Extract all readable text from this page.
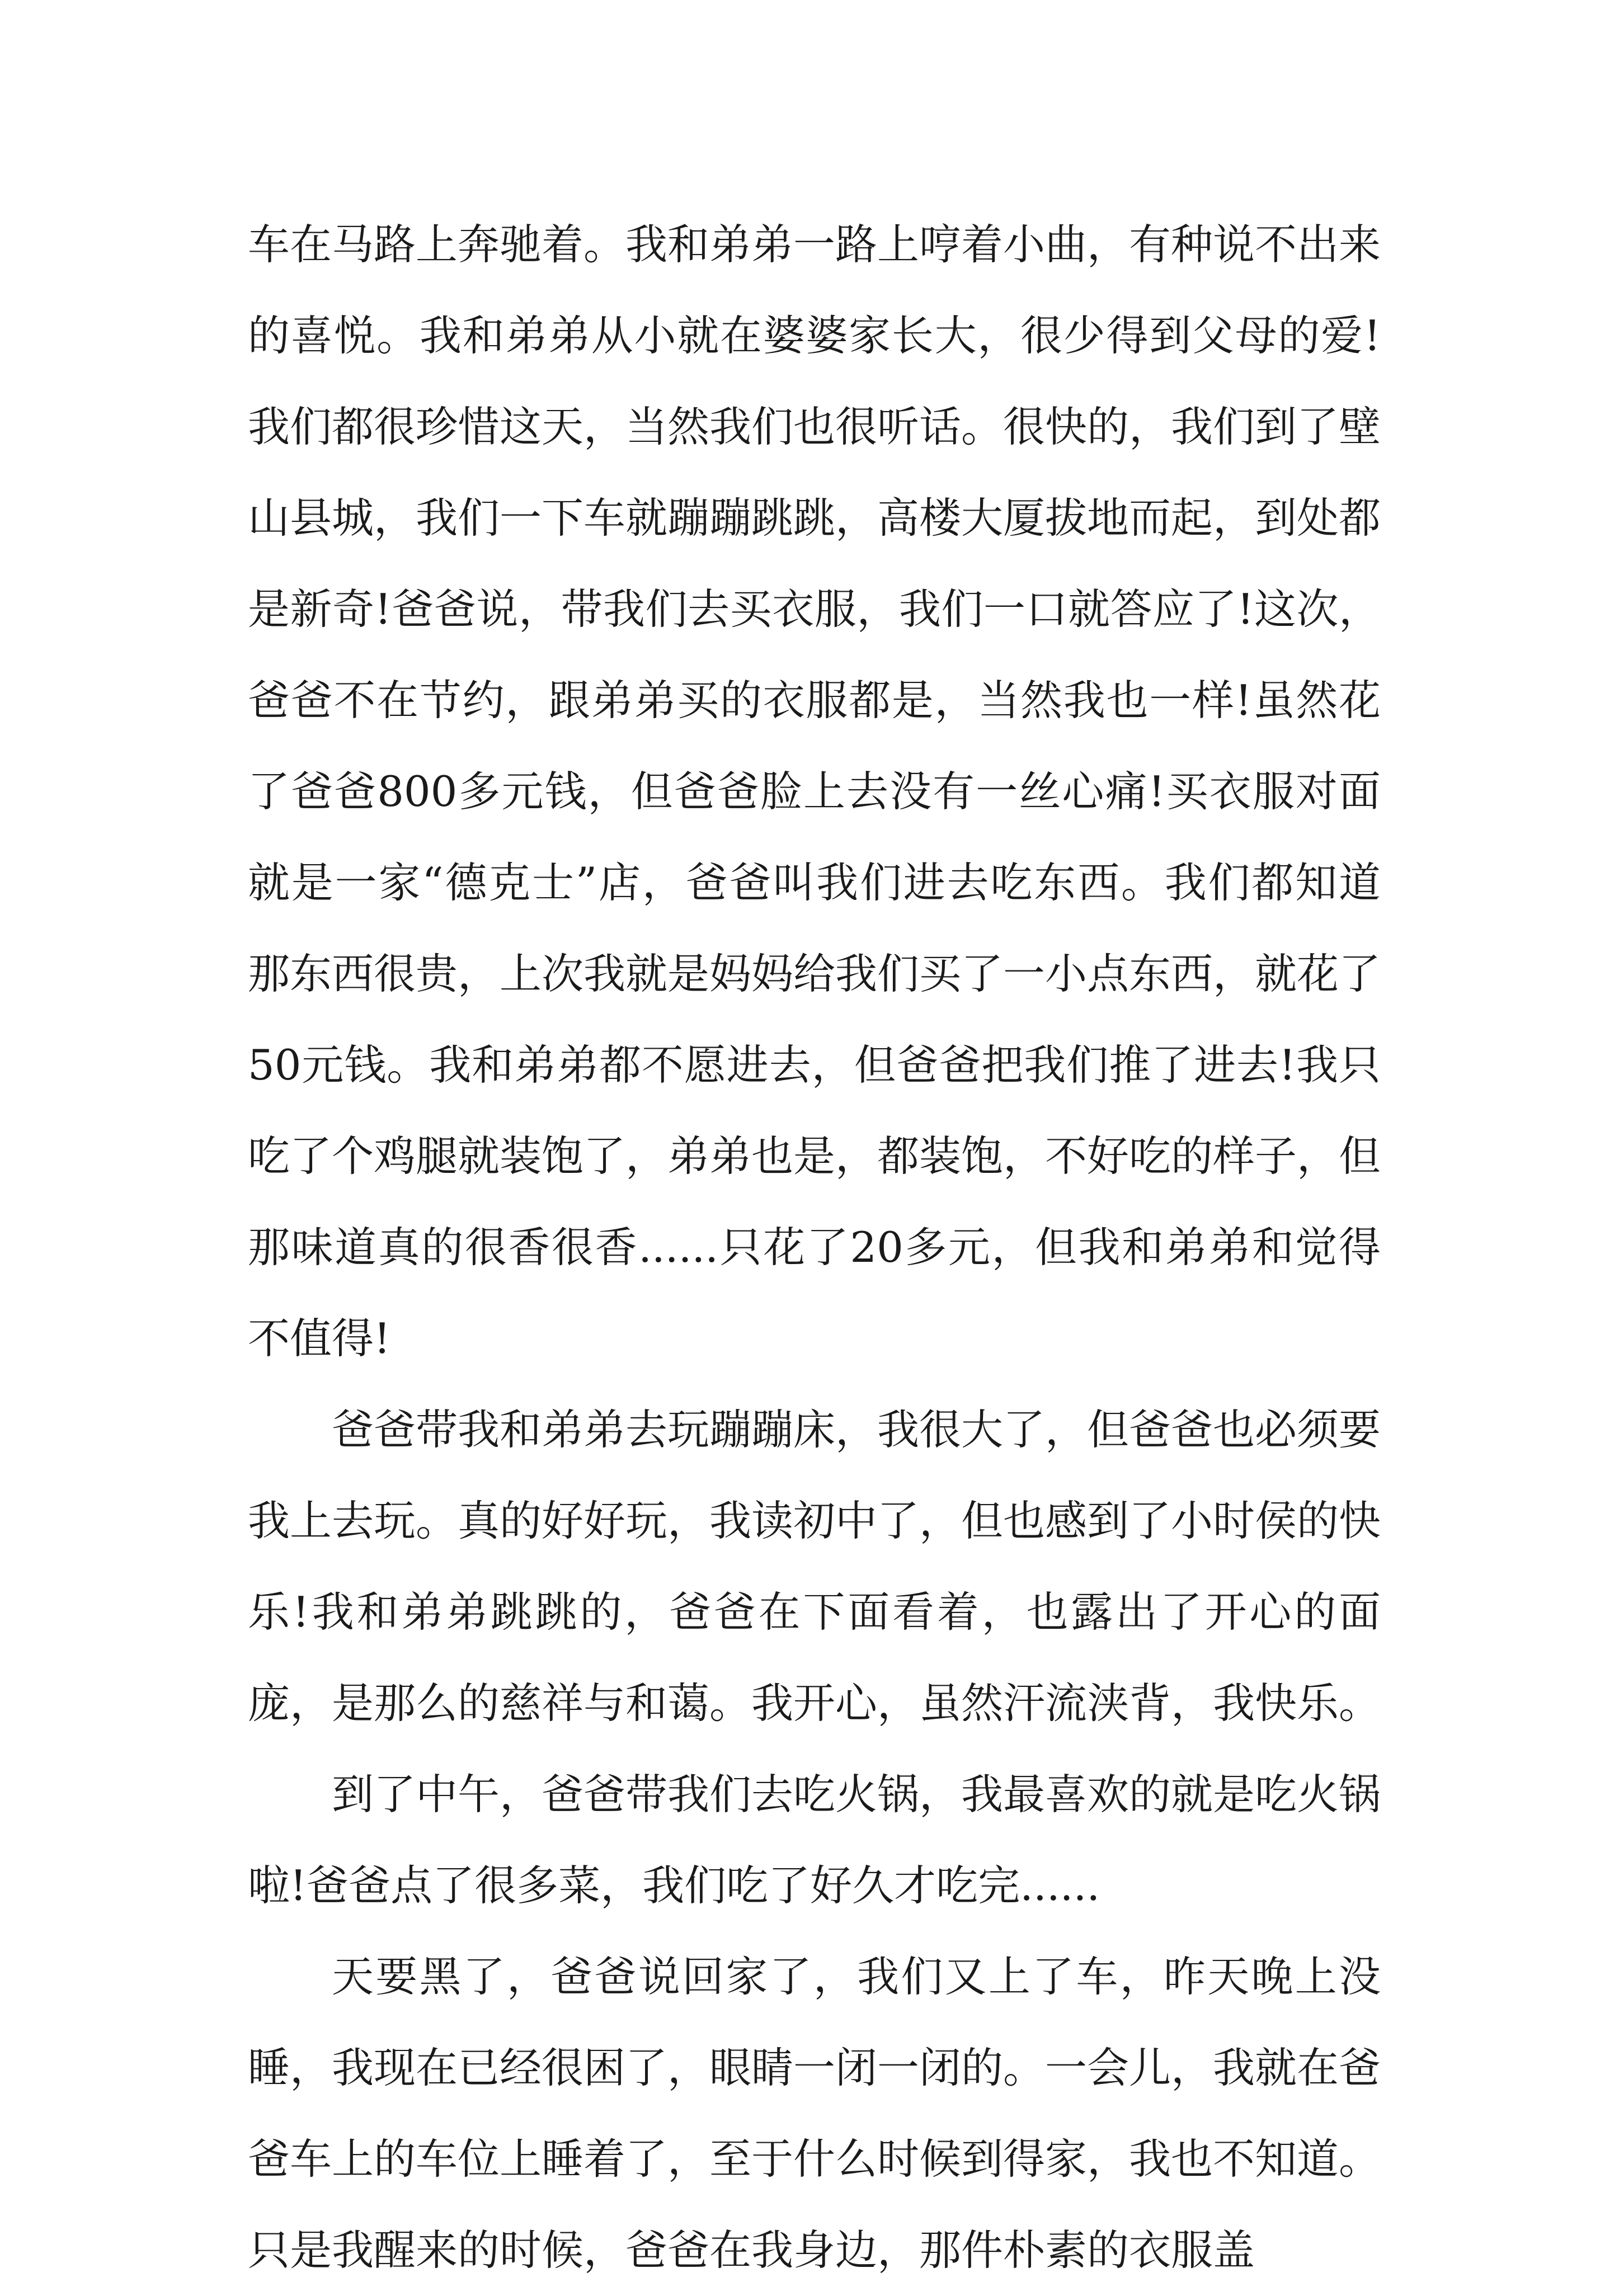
车在马路上奔驰着。我和弟弟一路上哼着小曲，有种说不出来的喜悦。我和弟弟从小就在婆婆家长大，很少得到父母的爱!我们都很珍惜这天，当然我们也很听话。很快的，我们到了壁山县城，我们一下车就蹦蹦跳跳，高楼大厦拔地而起，到处都是新奇!爸爸说，带我们去买衣服，我们一口就答应了!这次，爸爸不在节约，跟弟弟买的衣服都是，当然我也一样!虽然花了爸爸800多元钱，但爸爸脸上去没有一丝心痛!买衣服对面就是一家“德克士”店，爸爸叫我们进去吃东西。我们都知道那东西很贵，上次我就是妈妈给我们买了一小点东西，就花了50元钱。我和弟弟都不愿进去，但爸爸把我们推了进去!我只吃了个鸡腿就装饱了，弟弟也是，都装饱，不好吃的样子，但那味道真的很香很香......只花了20多元，但我和弟弟和觉得不值得!

爸爸带我和弟弟去玩蹦蹦床，我很大了，但爸爸也必须要我上去玩。真的好好玩，我读初中了，但也感到了小时侯的快乐!我和弟弟跳跳的，爸爸在下面看着，也露出了开心的面庞，是那么的慈祥与和蔼。我开心，虽然汗流浃背，我快乐。

到了中午，爸爸带我们去吃火锅，我最喜欢的就是吃火锅啦!爸爸点了很多菜，我们吃了好久才吃完......

天要黑了，爸爸说回家了，我们又上了车，昨天晚上没睡，我现在已经很困了，眼睛一闭一闭的。一会儿，我就在爸爸车上的车位上睡着了，至于什么时候到得家，我也不知道。只是我醒来的时候，爸爸在我身边，那件朴素的衣服盖
